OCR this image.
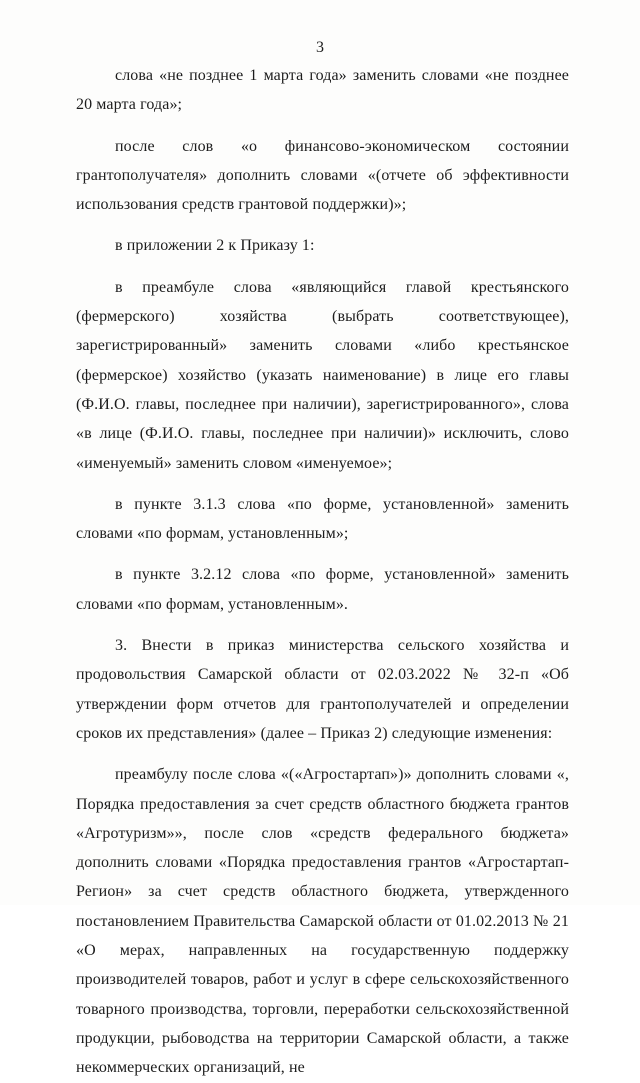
3

слова «не позднее 1 марта года» заменить словами «не позднее 20 марта года»;

после слов «о финансово-экономическом состоянии грантополучателя» дополнить словами «(отчете об эффективности использования средств грантовой поддержки)»;

в приложении 2 к Приказу 1:

в преамбуле слова «являющийся главой крестьянского (фермерского) хозяйства (выбрать соответствующее), зарегистрированный» заменить словами «либо крестьянское (фермерское) хозяйство (указать наименование) в лице его главы (Ф.И.О. главы, последнее при наличии), зарегистрированного», слова «в лице (Ф.И.О. главы, последнее при наличии)» исключить, слово «именуемый» заменить словом «именуемое»;

в пункте 3.1.3 слова «по форме, установленной» заменить словами «по формам, установленным»;

в пункте 3.2.12 слова «по форме, установленной» заменить словами «по формам, установленным».

3. Внести в приказ министерства сельского хозяйства и продовольствия Самарской области от 02.03.2022 № 32-п «Об утверждении форм отчетов для грантополучателей и определении сроков их представления» (далее – Приказ 2) следующие изменения:

преамбулу после слова «(«Агростартап»)» дополнить словами «, Порядка предоставления за счет средств областного бюджета грантов «Агротуризм»», после слов «средств федерального бюджета» дополнить словами «Порядка предоставления грантов «Агростартап-Регион» за счет средств областного бюджета, утвержденного постановлением Правительства Самарской области от 01.02.2013 № 21 «О мерах, направленных на государственную поддержку производителей товаров, работ и услуг в сфере сельскохозяйственного товарного производства, торговли, переработки сельскохозяйственной продукции, рыбоводства на территории Самарской области, а также некоммерческих организаций, не
